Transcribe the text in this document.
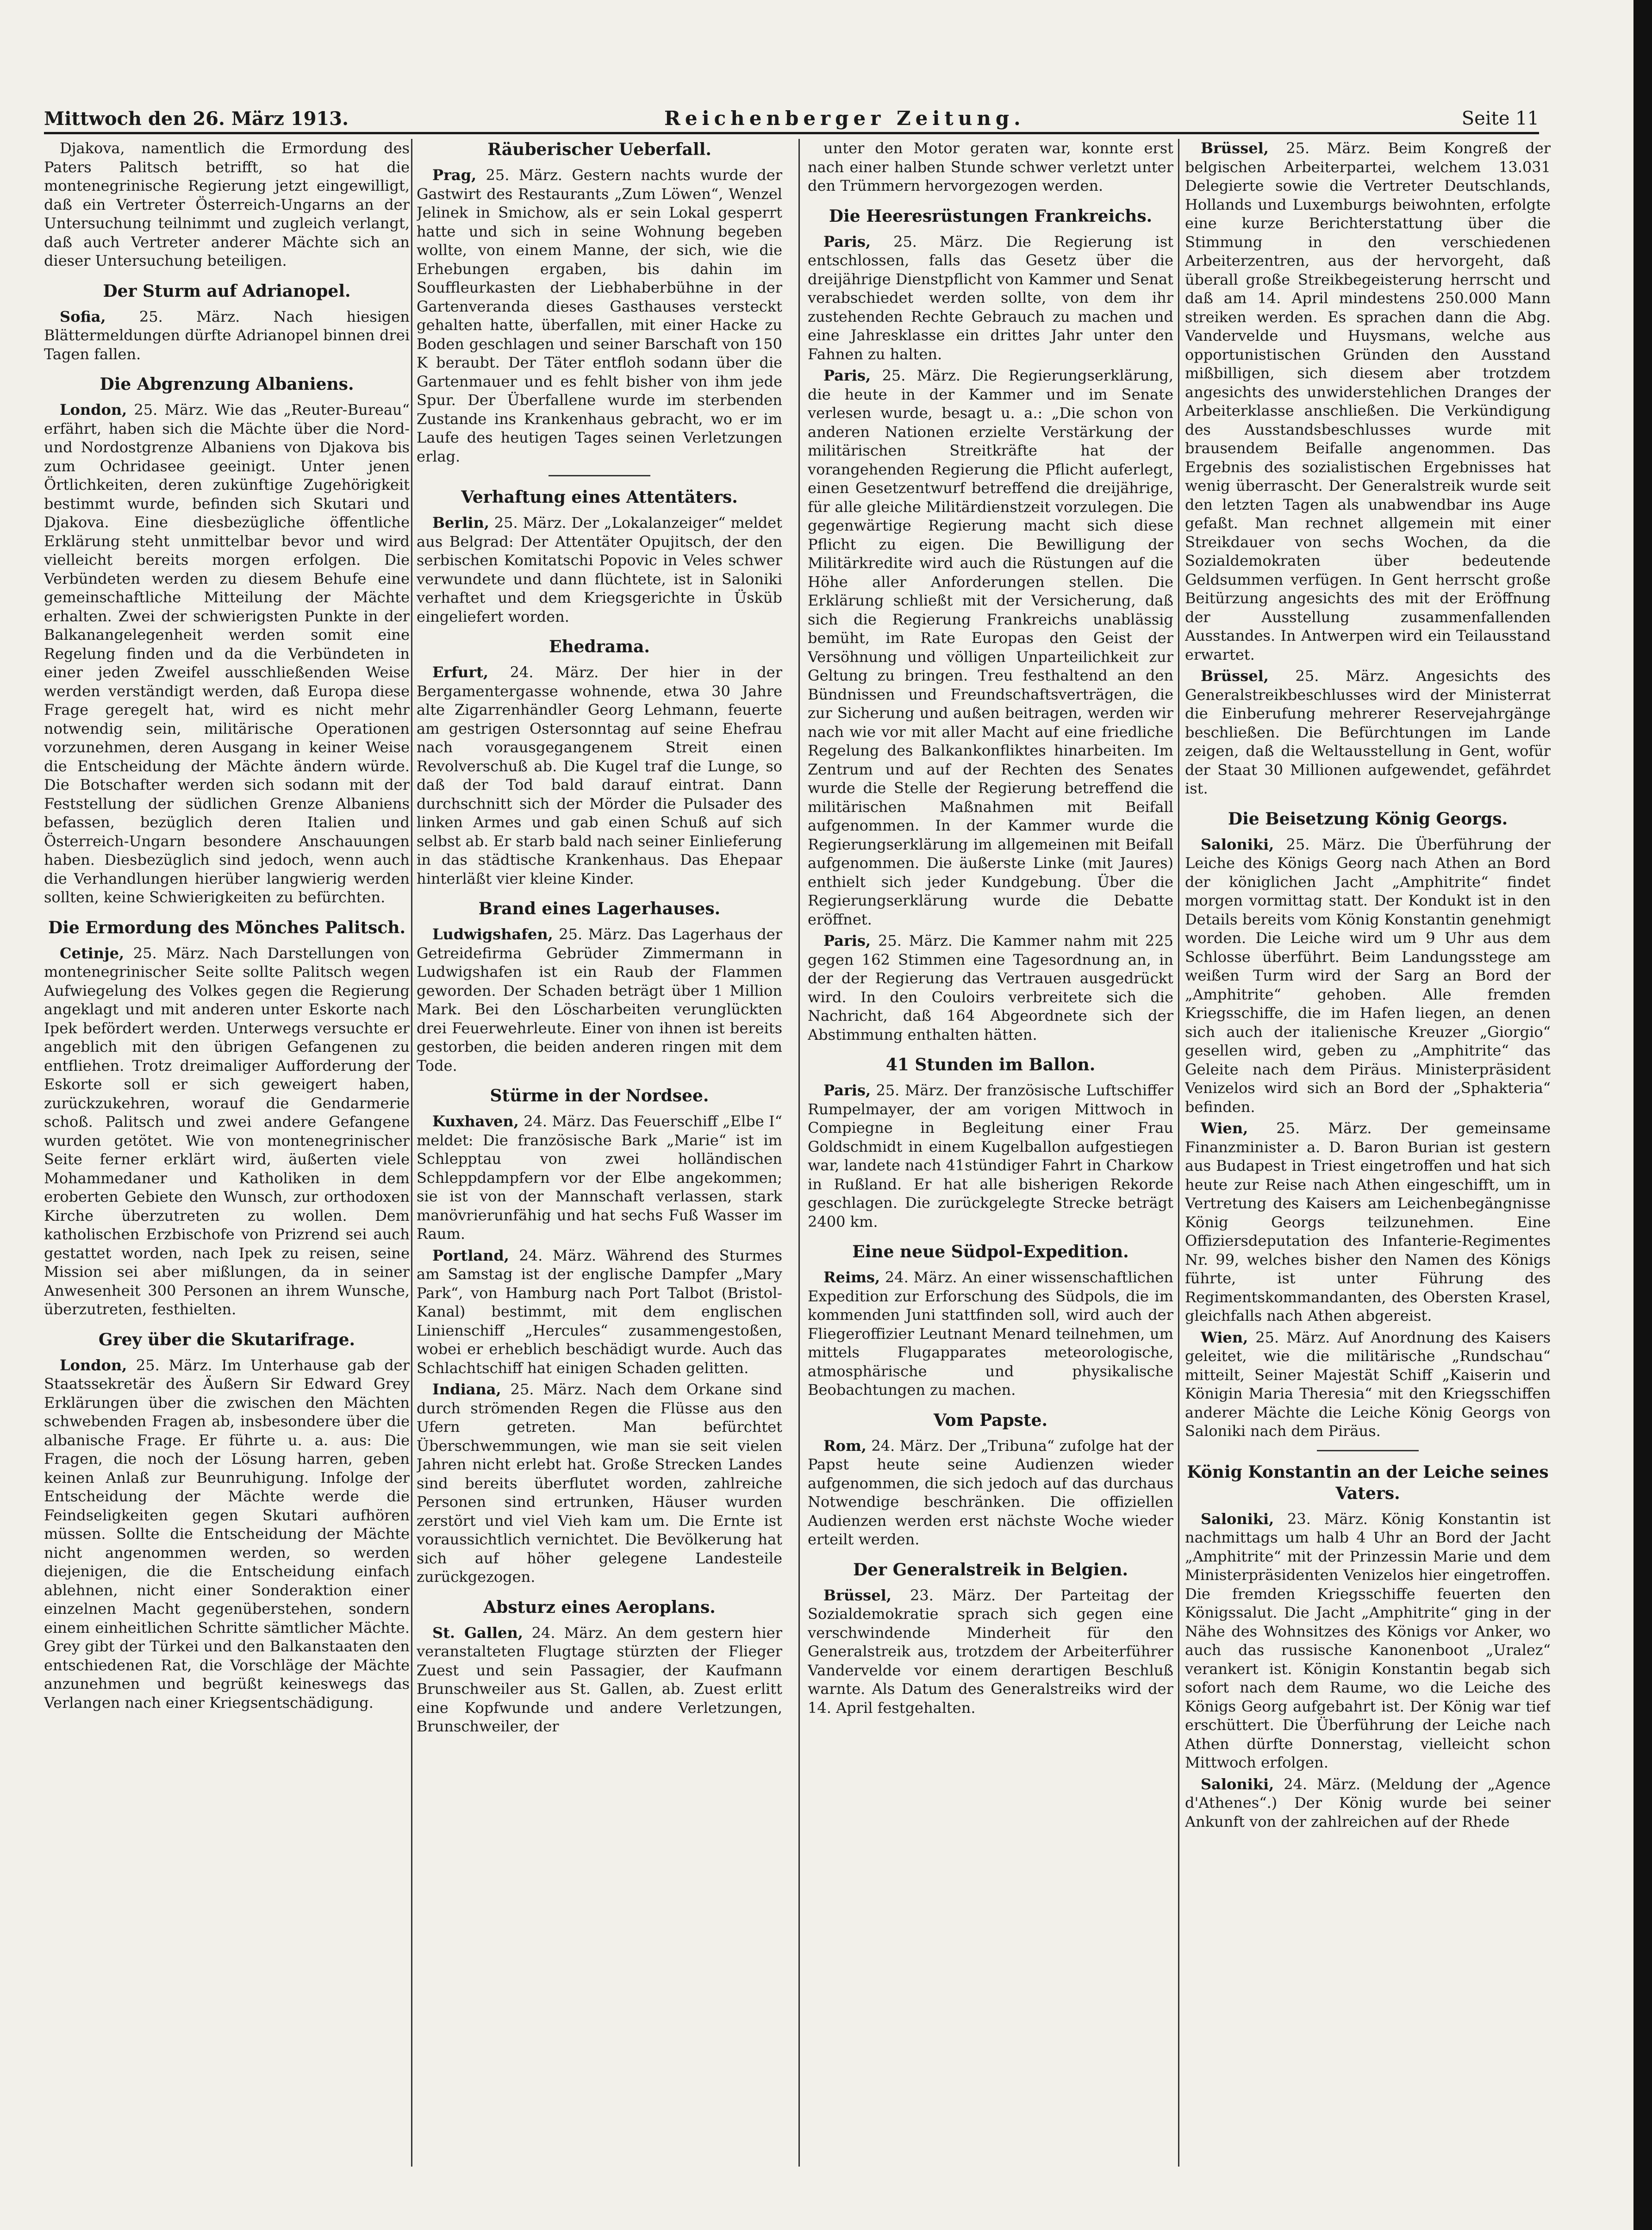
Mittwoch den 26. März 1913.	Reichenberger Zeitung.	Seite 11

Djakova, namentlich die Ermordung des Paters Palitsch betrifft, so hat die montenegrinische Regierung jetzt eingewilligt, daß ein Vertreter Österreich-Ungarns an der Untersuchung teilnimmt und zugleich verlangt, daß auch Vertreter anderer Mächte sich an dieser Untersuchung beteiligen.

Der Sturm auf Adrianopel.

Sofia, 25. März. Nach hiesigen Blättermeldungen dürfte Adrianopel binnen drei Tagen fallen.

Die Abgrenzung Albaniens.

London, 25. März. Wie das „Reuter-Bureau“ erfährt, haben sich die Mächte über die Nord- und Nordostgrenze Albaniens von Djakova bis zum Ochridasee geeinigt. Unter jenen Örtlichkeiten, deren zukünftige Zugehörigkeit bestimmt wurde, befinden sich Skutari und Djakova. Eine diesbezügliche öffentliche Erklärung steht unmittelbar bevor und wird vielleicht bereits morgen erfolgen. Die Verbündeten werden zu diesem Behufe eine gemeinschaftliche Mitteilung der Mächte erhalten. Zwei der schwierigsten Punkte in der Balkanangelegenheit werden somit eine Regelung finden und da die Verbündeten in einer jeden Zweifel ausschließenden Weise werden verständigt werden, daß Europa diese Frage geregelt hat, wird es nicht mehr notwendig sein, militärische Operationen vorzunehmen, deren Ausgang in keiner Weise die Entscheidung der Mächte ändern würde. Die Botschafter werden sich sodann mit der Feststellung der südlichen Grenze Albaniens befassen, bezüglich deren Italien und Österreich-Ungarn besondere Anschauungen haben. Diesbezüglich sind jedoch, wenn auch die Verhandlungen hierüber langwierig werden sollten, keine Schwierigkeiten zu befürchten.

Die Ermordung des Mönches Palitsch.

Cetinje, 25. März. Nach Darstellungen von montenegrinischer Seite sollte Palitsch wegen Aufwiegelung des Volkes gegen die Regierung angeklagt und mit anderen unter Eskorte nach Ipek befördert werden. Unterwegs versuchte er angeblich mit den übrigen Gefangenen zu entfliehen. Trotz dreimaliger Aufforderung der Eskorte soll er sich geweigert haben, zurückzukehren, worauf die Gendarmerie schoß. Palitsch und zwei andere Gefangene wurden getötet. Wie von montenegrinischer Seite ferner erklärt wird, äußerten viele Mohammedaner und Katholiken in dem eroberten Gebiete den Wunsch, zur orthodoxen Kirche überzutreten zu wollen. Dem katholischen Erzbischofe von Prizrend sei auch gestattet worden, nach Ipek zu reisen, seine Mission sei aber mißlungen, da in seiner Anwesenheit 300 Personen an ihrem Wunsche, überzutreten, festhielten.

Grey über die Skutarifrage.

London, 25. März. Im Unterhause gab der Staatssekretär des Äußern Sir Edward Grey Erklärungen über die zwischen den Mächten schwebenden Fragen ab, insbesondere über die albanische Frage. Er führte u. a. aus: Die Fragen, die noch der Lösung harren, geben keinen Anlaß zur Beunruhigung. Infolge der Entscheidung der Mächte werde die Feindseligkeiten gegen Skutari aufhören müssen. Sollte die Entscheidung der Mächte nicht angenommen werden, so werden diejenigen, die die Entscheidung einfach ablehnen, nicht einer Sonderaktion einer einzelnen Macht gegenüberstehen, sondern einem einheitlichen Schritte sämtlicher Mächte. Grey gibt der Türkei und den Balkanstaaten den entschiedenen Rat, die Vorschläge der Mächte anzunehmen und begrüßt keineswegs das Verlangen nach einer Kriegsentschädigung.

Räuberischer Ueberfall.

Prag, 25. März. Gestern nachts wurde der Gastwirt des Restaurants „Zum Löwen“, Wenzel Jelinek in Smichow, als er sein Lokal gesperrt hatte und sich in seine Wohnung begeben wollte, von einem Manne, der sich, wie die Erhebungen ergaben, bis dahin im Souffleurkasten der Liebhaberbühne in der Gartenveranda dieses Gasthauses versteckt gehalten hatte, überfallen, mit einer Hacke zu Boden geschlagen und seiner Barschaft von 150 K beraubt. Der Täter entfloh sodann über die Gartenmauer und es fehlt bisher von ihm jede Spur. Der Überfallene wurde im sterbenden Zustande ins Krankenhaus gebracht, wo er im Laufe des heutigen Tages seinen Verletzungen erlag.

Verhaftung eines Attentäters.

Berlin, 25. März. Der „Lokalanzeiger“ meldet aus Belgrad: Der Attentäter Opujitsch, der den serbischen Komitatschi Popovic in Veles schwer verwundete und dann flüchtete, ist in Saloniki verhaftet und dem Kriegsgerichte in Üsküb eingeliefert worden.

Ehedrama.

Erfurt, 24. März. Der hier in der Bergamentergasse wohnende, etwa 30 Jahre alte Zigarrenhändler Georg Lehmann, feuerte am gestrigen Ostersonntag auf seine Ehefrau nach vorausgegangenem Streit einen Revolverschuß ab. Die Kugel traf die Lunge, so daß der Tod bald darauf eintrat. Dann durchschnitt sich der Mörder die Pulsader des linken Armes und gab einen Schuß auf sich selbst ab. Er starb bald nach seiner Einlieferung in das städtische Krankenhaus. Das Ehepaar hinterläßt vier kleine Kinder.

Brand eines Lagerhauses.

Ludwigshafen, 25. März. Das Lagerhaus der Getreidefirma Gebrüder Zimmermann in Ludwigshafen ist ein Raub der Flammen geworden. Der Schaden beträgt über 1 Million Mark. Bei den Löscharbeiten verunglückten drei Feuerwehrleute. Einer von ihnen ist bereits gestorben, die beiden anderen ringen mit dem Tode.

Stürme in der Nordsee.

Kuxhaven, 24. März. Das Feuerschiff „Elbe I“ meldet: Die französische Bark „Marie“ ist im Schlepptau von zwei holländischen Schleppdampfern vor der Elbe angekommen; sie ist von der Mannschaft verlassen, stark manövrierunfähig und hat sechs Fuß Wasser im Raum.

Portland, 24. März. Während des Sturmes am Samstag ist der englische Dampfer „Mary Park“, von Hamburg nach Port Talbot (Bristol-Kanal) bestimmt, mit dem englischen Linienschiff „Hercules“ zusammengestoßen, wobei er erheblich beschädigt wurde. Auch das Schlachtschiff hat einigen Schaden gelitten.

Indiana, 25. März. Nach dem Orkane sind durch strömenden Regen die Flüsse aus den Ufern getreten. Man befürchtet Überschwemmungen, wie man sie seit vielen Jahren nicht erlebt hat. Große Strecken Landes sind bereits überflutet worden, zahlreiche Personen sind ertrunken, Häuser wurden zerstört und viel Vieh kam um. Die Ernte ist voraussichtlich vernichtet. Die Bevölkerung hat sich auf höher gelegene Landesteile zurückgezogen.

Absturz eines Aeroplans.

St. Gallen, 24. März. An dem gestern hier veranstalteten Flugtage stürzten der Flieger Zuest und sein Passagier, der Kaufmann Brunschweiler aus St. Gallen, ab. Zuest erlitt eine Kopfwunde und andere Verletzungen, Brunschweiler, der

unter den Motor geraten war, konnte erst nach einer halben Stunde schwer verletzt unter den Trümmern hervorgezogen werden.

Die Heeresrüstungen Frankreichs.

Paris, 25. März. Die Regierung ist entschlossen, falls das Gesetz über die dreijährige Dienstpflicht von Kammer und Senat verabschiedet werden sollte, von dem ihr zustehenden Rechte Gebrauch zu machen und eine Jahresklasse ein drittes Jahr unter den Fahnen zu halten.

Paris, 25. März. Die Regierungserklärung, die heute in der Kammer und im Senate verlesen wurde, besagt u. a.: „Die schon von anderen Nationen erzielte Verstärkung der militärischen Streitkräfte hat der vorangehenden Regierung die Pflicht auferlegt, einen Gesetzentwurf betreffend die dreijährige, für alle gleiche Militärdienstzeit vorzulegen. Die gegenwärtige Regierung macht sich diese Pflicht zu eigen. Die Bewilligung der Militärkredite wird auch die Rüstungen auf die Höhe aller Anforderungen stellen. Die Erklärung schließt mit der Versicherung, daß sich die Regierung Frankreichs unablässig bemüht, im Rate Europas den Geist der Versöhnung und völligen Unparteilichkeit zur Geltung zu bringen. Treu festhaltend an den Bündnissen und Freundschaftsverträgen, die zur Sicherung und außen beitragen, werden wir nach wie vor mit aller Macht auf eine friedliche Regelung des Balkankonfliktes hinarbeiten. Im Zentrum und auf der Rechten des Senates wurde die Stelle der Regierung betreffend die militärischen Maßnahmen mit Beifall aufgenommen. In der Kammer wurde die Regierungserklärung im allgemeinen mit Beifall aufgenommen. Die äußerste Linke (mit Jaures) enthielt sich jeder Kundgebung. Über die Regierungserklärung wurde die Debatte eröffnet.

Paris, 25. März. Die Kammer nahm mit 225 gegen 162 Stimmen eine Tagesordnung an, in der der Regierung das Vertrauen ausgedrückt wird. In den Couloirs verbreitete sich die Nachricht, daß 164 Abgeordnete sich der Abstimmung enthalten hätten.

41 Stunden im Ballon.

Paris, 25. März. Der französische Luftschiffer Rumpelmayer, der am vorigen Mittwoch in Compiegne in Begleitung einer Frau Goldschmidt in einem Kugelballon aufgestiegen war, landete nach 41stündiger Fahrt in Charkow in Rußland. Er hat alle bisherigen Rekorde geschlagen. Die zurückgelegte Strecke beträgt 2400 km.

Eine neue Südpol-Expedition.

Reims, 24. März. An einer wissenschaftlichen Expedition zur Erforschung des Südpols, die im kommenden Juni stattfinden soll, wird auch der Fliegeroffizier Leutnant Menard teilnehmen, um mittels Flugapparates meteorologische, atmosphärische und physikalische Beobachtungen zu machen.

Vom Papste.

Rom, 24. März. Der „Tribuna“ zufolge hat der Papst heute seine Audienzen wieder aufgenommen, die sich jedoch auf das durchaus Notwendige beschränken. Die offiziellen Audienzen werden erst nächste Woche wieder erteilt werden.

Der Generalstreik in Belgien.

Brüssel, 23. März. Der Parteitag der Sozialdemokratie sprach sich gegen eine verschwindende Minderheit für den Generalstreik aus, trotzdem der Arbeiterführer Vandervelde vor einem derartigen Beschluß warnte. Als Datum des Generalstreiks wird der 14. April festgehalten.

Brüssel, 25. März. Beim Kongreß der belgischen Arbeiterpartei, welchem 13.031 Delegierte sowie die Vertreter Deutschlands, Hollands und Luxemburgs beiwohnten, erfolgte eine kurze Berichterstattung über die Stimmung in den verschiedenen Arbeiterzentren, aus der hervorgeht, daß überall große Streikbegeisterung herrscht und daß am 14. April mindestens 250.000 Mann streiken werden. Es sprachen dann die Abg. Vandervelde und Huysmans, welche aus opportunistischen Gründen den Ausstand mißbilligen, sich diesem aber trotzdem angesichts des unwiderstehlichen Dranges der Arbeiterklasse anschließen. Die Verkündigung des Ausstandsbeschlusses wurde mit brausendem Beifalle angenommen. Das Ergebnis des sozialistischen Ergebnisses hat wenig überrascht. Der Generalstreik wurde seit den letzten Tagen als unabwendbar ins Auge gefaßt. Man rechnet allgemein mit einer Streikdauer von sechs Wochen, da die Sozialdemokraten über bedeutende Geldsummen verfügen. In Gent herrscht große Beitürzung angesichts des mit der Eröffnung der Ausstellung zusammenfallenden Ausstandes. In Antwerpen wird ein Teilausstand erwartet.

Brüssel, 25. März. Angesichts des Generalstreikbeschlusses wird der Ministerrat die Einberufung mehrerer Reservejahrgänge beschließen. Die Befürchtungen im Lande zeigen, daß die Weltausstellung in Gent, wofür der Staat 30 Millionen aufgewendet, gefährdet ist.

Die Beisetzung König Georgs.

Saloniki, 25. März. Die Überführung der Leiche des Königs Georg nach Athen an Bord der königlichen Jacht „Amphitrite“ findet morgen vormittag statt. Der Kondukt ist in den Details bereits vom König Konstantin genehmigt worden. Die Leiche wird um 9 Uhr aus dem Schlosse überführt. Beim Landungsstege am weißen Turm wird der Sarg an Bord der „Amphitrite“ gehoben. Alle fremden Kriegsschiffe, die im Hafen liegen, an denen sich auch der italienische Kreuzer „Giorgio“ gesellen wird, geben zu „Amphitrite“ das Geleite nach dem Piräus. Ministerpräsident Venizelos wird sich an Bord der „Sphakteria“ befinden.

Wien, 25. März. Der gemeinsame Finanzminister a. D. Baron Burian ist gestern aus Budapest in Triest eingetroffen und hat sich heute zur Reise nach Athen eingeschifft, um in Vertretung des Kaisers am Leichenbegängnisse König Georgs teilzunehmen. Eine Offiziersdeputation des Infanterie-Regimentes Nr. 99, welches bisher den Namen des Königs führte, ist unter Führung des Regimentskommandanten, des Obersten Krasel, gleichfalls nach Athen abgereist.

Wien, 25. März. Auf Anordnung des Kaisers geleitet, wie die militärische „Rundschau“ mitteilt, Seiner Majestät Schiff „Kaiserin und Königin Maria Theresia“ mit den Kriegsschiffen anderer Mächte die Leiche König Georgs von Saloniki nach dem Piräus.

König Konstantin an der Leiche seines Vaters.

Saloniki, 23. März. König Konstantin ist nachmittags um halb 4 Uhr an Bord der Jacht „Amphitrite“ mit der Prinzessin Marie und dem Ministerpräsidenten Venizelos hier eingetroffen. Die fremden Kriegsschiffe feuerten den Königssalut. Die Jacht „Amphitrite“ ging in der Nähe des Wohnsitzes des Königs vor Anker, wo auch das russische Kanonenboot „Uralez“ verankert ist. Königin Konstantin begab sich sofort nach dem Raume, wo die Leiche des Königs Georg aufgebahrt ist. Der König war tief erschüttert. Die Überführung der Leiche nach Athen dürfte Donnerstag, vielleicht schon Mittwoch erfolgen.

Saloniki, 24. März. (Meldung der „Agence d'Athenes“.) Der König wurde bei seiner Ankunft von der zahlreichen auf der Rhede
